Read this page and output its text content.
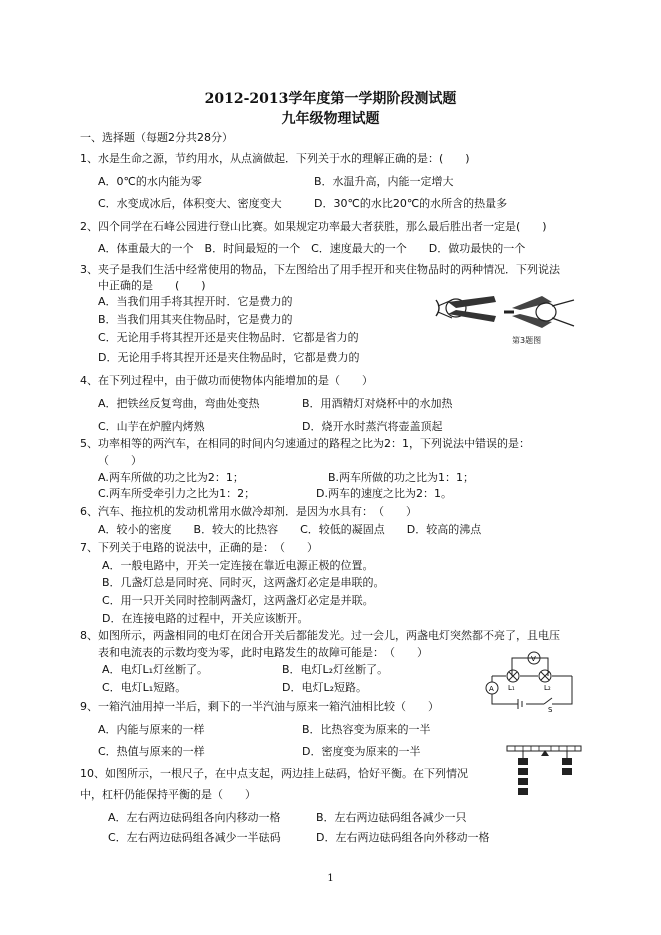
2012-2013学年度第一学期阶段测试题
九年级物理试题
一、选择题（每题2分共28分）
1、水是生命之源，节约用水，从点滴做起．下列关于水的理解正确的是：(　　)
A．0℃的水内能为零	B．水温升高，内能一定增大
C．水变成冰后，体积变大、密度变大	D．30℃的水比20℃的水所含的热量多
2、四个同学在石峰公园进行登山比赛。如果规定功率最大者获胜，那么最后胜出者一定是(　　)
A．体重最大的一个　B．时间最短的一个　C．速度最大的一个　　D．做功最快的一个
3、夹子是我们生活中经常使用的物品，下左图给出了用手捏开和夹住物品时的两种情况．下列说法
中正确的是　　(　　)
A．当我们用手将其捏开时．它是费力的
B．当我们用其夹住物品时，它是费力的
C．无论用手将其捏开还是夹住物品时．它都是省力的
D．无论用手将其捏开还是夹住物品时，它都是费力的
第3题图
4、在下列过程中，由于做功而使物体内能增加的是（　　）
A．把铁丝反复弯曲，弯曲处变热	B．用酒精灯对烧杯中的水加热
C．山芋在炉膛内烤熟	D．烧开水时蒸汽将壶盖顶起
5、功率相等的两汽车，在相同的时间内匀速通过的路程之比为2：1，下列说法中错误的是：
（　　）
A.两车所做的功之比为2：1；	B.两车所做的功之比为1：1；
C.两车所受牵引力之比为1：2；	D.两车的速度之比为2：1。
6、汽车、拖拉机的发动机常用水做冷却剂．是因为水具有：　（　　）
A．较小的密度　　B．较大的比热容　　C．较低的凝固点　　D．较高的沸点
7、下列关于电路的说法中，正确的是：　（　　）
A．一般电路中，开关一定连接在靠近电源正极的位置。
B．几盏灯总是同时亮、同时灭，这两盏灯必定是串联的。
C．用一只开关同时控制两盏灯，这两盏灯必定是并联。
D．在连接电路的过程中，开关应该断开。
8、如图所示，两盏相同的电灯在闭合开关后都能发光。过一会儿，两盏电灯突然都不亮了，且电压
表和电流表的示数均变为零，此时电路发生的故障可能是：　（　　）
A．电灯L₁灯丝断了。	B．电灯L₂灯丝断了。
C．电灯L₁短路。	D．电灯L₂短路。
V
A L₁	L₂
S
9、一箱汽油用掉一半后，剩下的一半汽油与原来一箱汽油相比较（　　）
A．内能与原来的一样	B．比热容变为原来的一半
C．热值与原来的一样	D．密度变为原来的一半
10、如图所示，一根尺子，在中点支起，两边挂上砝码，恰好平衡。在下列情况
中，杠杆仍能保持平衡的是（　　）
A．左右两边砝码组各向内移动一格	B．左右两边砝码组各减少一只
C．左右两边砝码组各减少一半砝码	D．左右两边砝码组各向外移动一格
1
